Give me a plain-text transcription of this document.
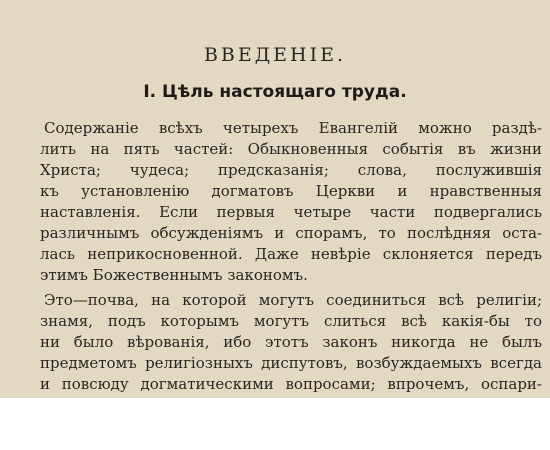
ВВЕДЕНІЕ.
I. Цѣль настоящаго труда.
Содержаніе всѣхъ четырехъ Евангелій можно раздѣ-
лить на пять частей: Обыкновенныя событія въ жизни
Христа; чудеса; предсказанія; слова, послужившія
къ установленію догматовъ Церкви и нравственныя
наставленія. Если первыя четыре части подвергались
различнымъ обсужденіямъ и спорамъ, то послѣдняя оста-
лась неприкосновенной. Даже невѣріе склоняется передъ
этимъ Божественнымъ закономъ.
Это—почва, на которой могутъ соединиться всѣ религіи;
знамя, подъ которымъ могутъ слиться всѣ какія-бы то
ни было вѣрованія, ибо этотъ законъ никогда не былъ
предметомъ религіозныхъ диспутовъ, возбуждаемыхъ всегда
и повсюду догматическими вопросами; впрочемъ, оспари-
